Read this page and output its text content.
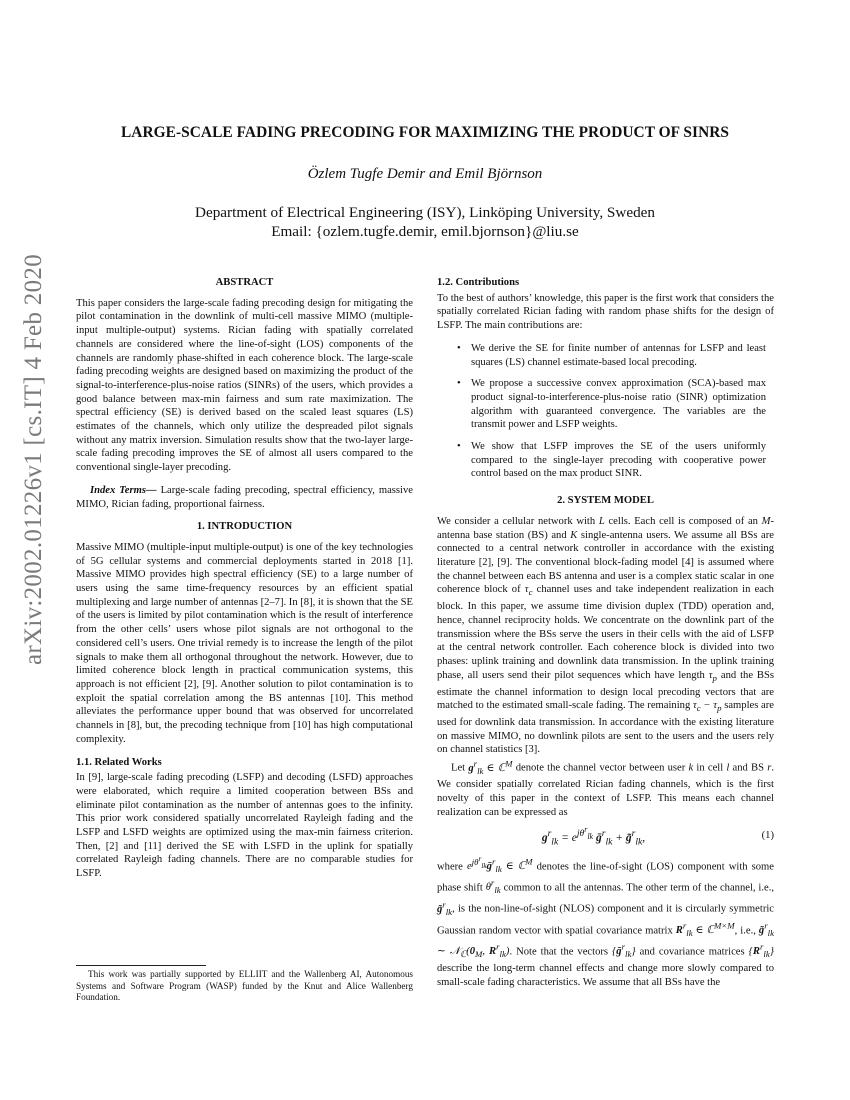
arXiv:2002.01226v1 [cs.IT] 4 Feb 2020
LARGE-SCALE FADING PRECODING FOR MAXIMIZING THE PRODUCT OF SINRS
Özlem Tugfe Demir and Emil Björnson
Department of Electrical Engineering (ISY), Linköping University, Sweden
Email: {ozlem.tugfe.demir, emil.bjornson}@liu.se
ABSTRACT

This paper considers the large-scale fading precoding design for mitigating the pilot contamination in the downlink of multi-cell massive MIMO (multiple-input multiple-output) systems. Rician fading with spatially correlated channels are considered where the line-of-sight (LOS) components of the channels are randomly phase-shifted in each coherence block. The large-scale fading precoding weights are designed based on maximizing the product of the signal-to-interference-plus-noise ratios (SINRs) of the users, which provides a good balance between max-min fairness and sum rate maximization. The spectral efficiency (SE) is derived based on the scaled least squares (LS) estimates of the channels, which only utilize the despreaded pilot signals without any matrix inversion. Simulation results show that the two-layer large-scale fading precoding improves the SE of almost all users compared to the conventional single-layer precoding.

Index Terms— Large-scale fading precoding, spectral efficiency, massive MIMO, Rician fading, proportional fairness.

1. INTRODUCTION

Massive MIMO (multiple-input multiple-output) is one of the key technologies of 5G cellular systems and commercial deployments started in 2018 [1]. Massive MIMO provides high spectral efficiency (SE) to a large number of users using the same time-frequency resources by an efficient spatial multiplexing and large number of antennas [2–7]. In [8], it is shown that the SE of the users is limited by pilot contamination which is the result of interference from the other cells’ users whose pilot signals are not orthogonal to the considered cell’s users. One trivial remedy is to increase the length of the pilot signals to make them all orthogonal throughout the network. However, due to limited coherence block length in practical communication systems, this approach is not efficient [2], [9]. Another solution to pilot contamination is to exploit the spatial correlation among the BS antennas [10]. This method alleviates the performance upper bound that was observed for uncorrelated channels in [8], but, the precoding technique from [10] has high computational complexity.

1.1. Related Works

In [9], large-scale fading precoding (LSFP) and decoding (LSFD) approaches were elaborated, which require a limited cooperation between BSs and eliminate pilot contamination as the number of antennas goes to the infinity. This prior work considered spatially uncorrelated Rayleigh fading and the LSFP and LSFD weights are optimized using the max-min fairness criterion. Then, [2] and [11] derived the SE with LSFD in the uplink for spatially correlated Rayleigh fading channels. There are no comparable studies for LSFP.

This work was partially supported by ELLIIT and the Wallenberg AI, Autonomous Systems and Software Program (WASP) funded by the Knut and Alice Wallenberg Foundation.
1.2. Contributions

To the best of authors’ knowledge, this paper is the first work that considers the spatially correlated Rician fading with random phase shifts for the design of LSFP. The main contributions are:

• We derive the SE for finite number of antennas for LSFP and least squares (LS) channel estimate-based local precoding.
• We propose a successive convex approximation (SCA)-based max product signal-to-interference-plus-noise ratio (SINR) optimization algorithm with guaranteed convergence. The variables are the transmit power and LSFP weights.
• We show that LSFP improves the SE of the users uniformly compared to the single-layer precoding with cooperative power control based on the max product SINR.
2. SYSTEM MODEL

We consider a cellular network with L cells. Each cell is composed of an M-antenna base station (BS) and K single-antenna users. We assume all BSs are connected to a central network controller in accordance with the existing literature [2], [9]. The conventional block-fading model [4] is assumed where the channel between each BS antenna and user is a complex static scalar in one coherence block of $\tau_c$ channel uses and take independent realization in each block. In this paper, we assume time division duplex (TDD) operation and, hence, channel reciprocity holds. We concentrate on the downlink part of the transmission where the BSs serve the users in their cells with the aid of LSFP at the central network controller. Each coherence block is divided into two phases: uplink training and downlink data transmission. In the uplink training phase, all users send their pilot sequences which have length $\tau_p$ and the BSs estimate the channel information to design local precoding vectors that are matched to the estimated small-scale fading. The remaining $\tau_c - \tau_p$ samples are used for downlink data transmission. In accordance with the existing literature on massive MIMO, no downlink pilots are sent to the users and the users rely on channel statistics [3].

Let $g^r_{lk}$ ∈ ℂ$^M$ denote the channel vector between user k in cell l and BS r. We consider spatially correlated Rician fading channels, which is the first novelty of this paper in the context of LSFP. This means each channel realization can be expressed as

$g^r_{lk} = e^{j\theta^r_{lk}}$ ḡ$^r_{lk}$ + g̃$^r_{lk}$,	(1)

where $e^{j\theta^r_{lk}}ḡ^r_{lk}$ ∈ ℂ$^M$ denotes the line-of-sight (LOS) component with some phase shift $\theta^r_{lk}$ common to all the antennas. The other term of the channel, i.e., g̃$^r_{lk}$, is the non-line-of-sight (NLOS) component and it is circularly symmetric Gaussian random vector with spatial covariance matrix $R^r_{lk}$ ∈ ℂ$^{M\times M}$, i.e., g̃$^r_{lk}$ ∼ $𝒩_ℂ(0_M$, $R^r_{lk}$). Note that the vectors {ḡ$^r_{lk}$} and covariance matrices $\{R^r_{lk}\}$ describe the long-term channel effects and change more slowly compared to small-scale fading characteristics. We assume that all BSs have the
